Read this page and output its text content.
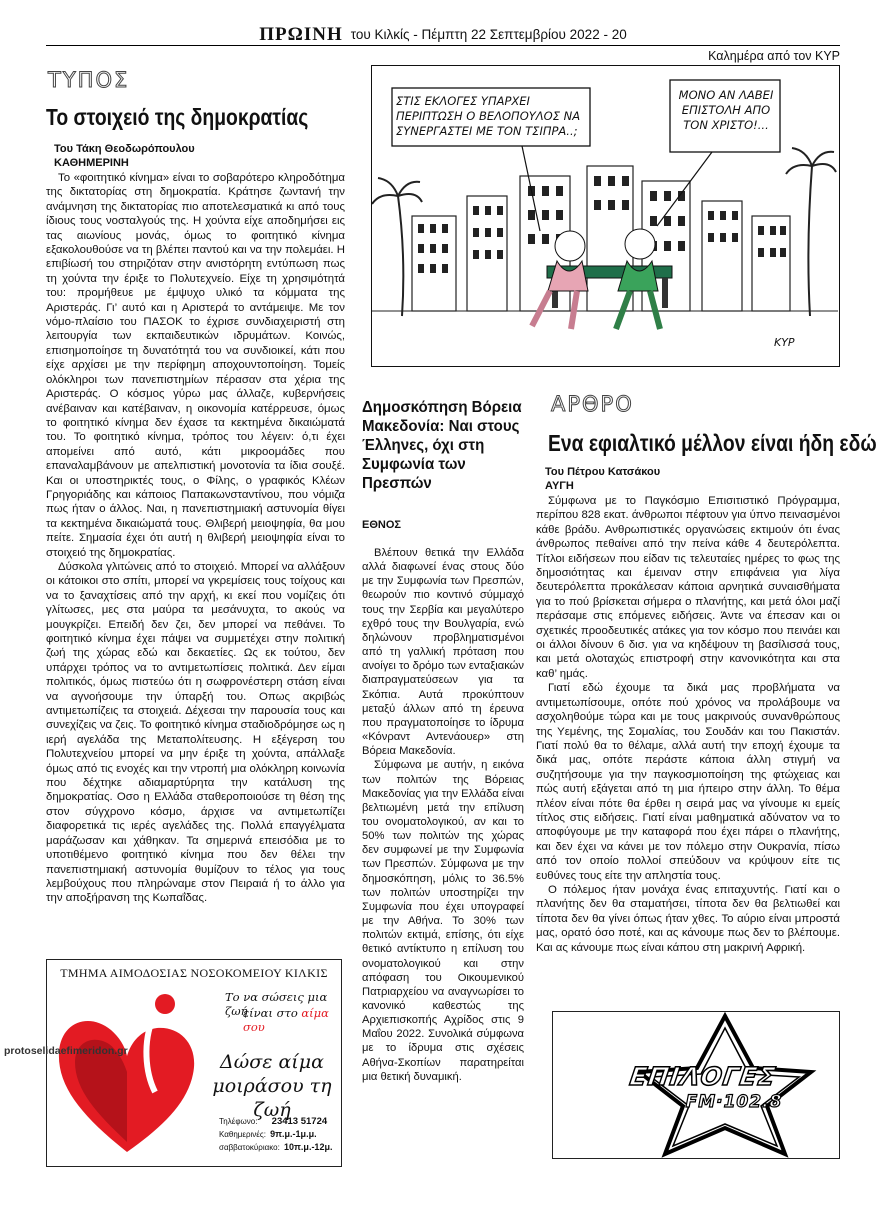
ΠΡΩΙΝΗ του Κιλκίς - Πέμπτη 22 Σεπτεμβρίου 2022 - 20
Καλημέρα από τον ΚΥΡ
ΤΥΠΟΣ
Το στοιχειό της δημοκρατίας
Του Τάκη Θεοδωρόπουλου
ΚΑΘΗΜΕΡΙΝΗ

Το «φοιτητικό κίνημα» είναι το σοβαρότερο κληροδότημα της δικτατορίας στη δημοκρατία. Κράτησε ζωντανή την ανάμνηση της δικτατορίας πιο αποτελεσματικά κι από τους ίδιους τους νοσταλγούς της. Η χούντα είχε αποδημήσει εις τας αιωνίους μονάς, όμως το φοιτητικό κίνημα εξακολουθούσε να τη βλέπει παντού και να την πολεμάει. Η επιβίωσή του στηριζόταν στην ανιστόρητη εντύπωση πως τη χούντα την έριξε το Πολυτεχνείο. Είχε τη χρησιμότητά του: προμήθευε με έμψυχο υλικό τα κόμματα της Αριστεράς. Γι’ αυτό και η Αριστερά το αντάμειψε. Με τον νόμο-πλαίσιο του ΠΑΣΟΚ το έχρισε συνδιαχειριστή στη λειτουργία των εκπαιδευτικών ιδρυμάτων. Κοινώς, επισημοποίησε τη δυνατότητά του να συνδιοικεί, κάτι που είχε αρχίσει με την περίφημη αποχουντοποίηση. Τομείς ολόκληροι των πανεπιστημίων πέρασαν στα χέρια της Αριστεράς. Ο κόσμος γύρω μας άλλαζε, κυβερνήσεις ανέβαιναν και κατέβαιναν, η οικονομία κατέρρευσε, όμως το φοιτητικό κίνημα δεν έχασε τα κεκτημένα δικαιώματά του. Το φοιτητικό κίνημα, τρόπος του λέγειν: ό,τι έχει απομείνει από αυτό, κάτι μικροομάδες που επαναλαμβάνουν με απελπιστική μονοτονία τα ίδια σουξέ. Και οι υποστηρικτές τους, ο Φίλης, ο γραφικός Κλέων Γρηγοριάδης και κάποιος Παπακωνσταντίνου, που νόμιζα πως ήταν ο άλλος. Ναι, η πανεπιστημιακή αστυνομία θίγει τα κεκτημένα δικαιώματά τους. Θλιβερή μειοψηφία, θα μου πείτε. Σημασία έχει ότι αυτή η θλιβερή μειοψηφία είναι το στοιχειό της δημοκρατίας.

Δύσκολα γλιτώνεις από το στοιχειό. Μπορεί να αλλάξουν οι κάτοικοι στο σπίτι, μπορεί να γκρεμίσεις τους τοίχους και να το ξαναχτίσεις από την αρχή, κι εκεί που νομίζεις ότι γλίτωσες, μες στα μαύρα τα μεσάνυχτα, το ακούς να μουγκρίζει. Επειδή δεν ζει, δεν μπορεί να πεθάνει. Το φοιτητικό κίνημα έχει πάψει να συμμετέχει στην πολιτική ζωή της χώρας εδώ και δεκαετίες. Ως εκ τούτου, δεν υπάρχει τρόπος να το αντιμετωπίσεις πολιτικά. Δεν είμαι πολιτικός, όμως πιστεύω ότι η σωφρονέστερη στάση είναι να αγνοήσουμε την ύπαρξή του. Οπως ακριβώς αντιμετωπίζεις τα στοιχειά. Δέχεσαι την παρουσία τους και συνεχίζεις να ζεις. Το φοιτητικό κίνημα σταδιοδρόμησε ως η ιερή αγελάδα της Μεταπολίτευσης. Η εξέγερση του Πολυτεχνείου μπορεί να μην έριξε τη χούντα, απάλλαξε όμως από τις ενοχές και την ντροπή μια ολόκληρη κοινωνία που δέχτηκε αδιαμαρτύρητα την κατάλυση της δημοκρατίας. Οσο η Ελλάδα σταθεροποιούσε τη θέση της στον σύγχρονο κόσμο, άρχισε να αντιμετωπίζει διαφορετικά τις ιερές αγελάδες της. Πολλά επαγγέλματα μαράζωσαν και χάθηκαν. Τα σημερινά επεισόδια με το υποτιθέμενο φοιτητικό κίνημα που δεν θέλει την πανεπιστημιακή αστυνομία θυμίζουν το τέλος για τους λεμβούχους που πληρώναμε στον Πειραιά ή το άλλο για την αποξήρανση της Κωπαΐδας.

ΣΤΙΣ ΕΚΛΟΓΕΣ ΥΠΑΡΧΕΙ ΠΕΡΙΠΤΩΣΗ Ο ΒΕΛΟΠΟΥΛΟΣ ΝΑ ΣΥΝΕΡΓΑΣΤΕΙ ΜΕ ΤΟΝ ΤΣΙΠΡΑ..;
ΜΟΝΟ ΑΝ ΛΑΒΕΙ ΕΠΙΣΤΟΛΗ ΑΠΟ ΤΟΝ ΧΡΙΣΤΟ!...
ΚΥΡ
Δημοσκόπηση Βόρεια Μακεδονία: Ναι στους Έλληνες, όχι στη Συμφωνία των Πρεσπών
ΕΘΝΟΣ

Βλέπουν θετικά την Ελλάδα αλλά διαφωνεί ένας στους δύο με την Συμφωνία των Πρεσπών, θεωρούν πιο κοντινό σύμμαχό τους την Σερβία και μεγαλύτερο εχθρό τους την Βουλγαρία, ενώ δηλώνουν προβληματισμένοι από τη γαλλική πρόταση που ανοίγει το δρόμο των ενταξιακών διαπραγματεύσεων για τα Σκόπια. Αυτά προκύπτουν μεταξύ άλλων από τη έρευνα που πραγματοποίησε το ίδρυμα «Κόνραντ Αντενάουερ» στη Βόρεια Μακεδονία.

Σύμφωνα με αυτήν, η εικόνα των πολιτών της Βόρειας Μακεδονίας για την Ελλάδα είναι βελτιωμένη μετά την επίλυση του ονοματολογικού, αν και το 50% των πολιτών της χώρας δεν συμφωνεί με την Συμφωνία των Πρεσπών. Σύμφωνα με την δημοσκόπηση, μόλις το 36.5% των πολιτών υποστηρίζει την Συμφωνία που έχει υπογραφεί με την Αθήνα. Το 30% των πολιτών εκτιμά, επίσης, ότι είχε θετικό αντίκτυπο η επίλυση του ονοματολογικού και στην απόφαση του Οικουμενικού Πατριαρχείου να αναγνωρίσει το κανονικό καθεστώς της Αρχιεπισκοπής Αχρίδος στις 9 Μαΐου 2022. Συνολικά σύμφωνα με το ίδρυμα στις σχέσεις Αθήνα-Σκοπίων παρατηρείται μια θετική δυναμική.

ΑΡΘΡΟ
Ενα εφιαλτικό μέλλον είναι ήδη εδώ
Του Πέτρου Κατσάκου
ΑΥΓΗ

Σύμφωνα με το Παγκόσμιο Επισιτιστικό Πρόγραμμα, περίπου 828 εκατ. άνθρωποι πέφτουν για ύπνο πεινασμένοι κάθε βράδυ. Ανθρωπιστικές οργανώσεις εκτιμούν ότι ένας άνθρωπος πεθαίνει από την πείνα κάθε 4 δευτερόλεπτα. Τίτλοι ειδήσεων που είδαν τις τελευταίες ημέρες το φως της δημοσιότητας και έμειναν στην επιφάνεια για λίγα δευτερόλεπτα προκάλεσαν κάποια αρνητικά συναισθήματα για το πού βρίσκεται σήμερα ο πλανήτης, και μετά όλοι μαζί περάσαμε στις επόμενες ειδήσεις. Άντε να έπεσαν και οι σχετικές προοδευτικές ατάκες για τον κόσμο που πεινάει και οι άλλοι δίνουν 6 δισ. για να κηδέψουν τη βασίλισσά τους, και μετά ολοταχώς επιστροφή στην κανονικότητα και στα καθ’ ημάς.

Γιατί εδώ έχουμε τα δικά μας προβλήματα να αντιμετωπίσουμε, οπότε πού χρόνος να προλάβουμε να ασχοληθούμε τώρα και με τους μακρινούς συνανθρώπους της Υεμένης, της Σομαλίας, του Σουδάν και του Πακιστάν. Γιατί πολύ θα το θέλαμε, αλλά αυτή την εποχή έχουμε τα δικά μας, οπότε περάστε κάποια άλλη στιγμή να συζητήσουμε για την παγκοσμιοποίηση της φτώχειας και πώς αυτή εξάγεται από τη μια ήπειρο στην άλλη. Το θέμα πλέον είναι πότε θα έρθει η σειρά μας να γίνουμε κι εμείς τίτλος στις ειδήσεις. Γιατί είναι μαθηματικά αδύνατον να το αποφύγουμε με την καταφορά που έχει πάρει ο πλανήτης, και δεν έχει να κάνει με τον πόλεμο στην Ουκρανία, πίσω από τον οποίο πολλοί σπεύδουν να κρύψουν είτε τις ευθύνες τους είτε την απληστία τους.

Ο πόλεμος ήταν μονάχα ένας επιταχυντής. Γιατί και ο πλανήτης δεν θα σταματήσει, τίποτα δεν θα βελτιωθεί και τίποτα δεν θα γίνει όπως ήταν χθες. Το αύριο είναι μπροστά μας, ορατό όσο ποτέ, και ας κάνουμε πως δεν το βλέπουμε. Και ας κάνουμε πως είναι κάπου στη μακρινή Αφρική.

ΤΜΗΜΑ ΑΙΜΟΔΟΣΙΑΣ ΝΟΣΟΚΟΜΕΙΟΥ ΚΙΛΚΙΣ
Το να σώσεις μια ζωή
είναι στο αίμα σου
Δώσε αίμα
μοιράσου τη ζωή
Τηλέφωνο: 23413 51724
Καθημερινές: 9π.μ.-1μ.μ.
σαββατοκύριακο: 10π.μ.-12μ.
protoselidaefimeridon.gr
ΕΠΙΛΟΓΕΣ
FM·102.8
